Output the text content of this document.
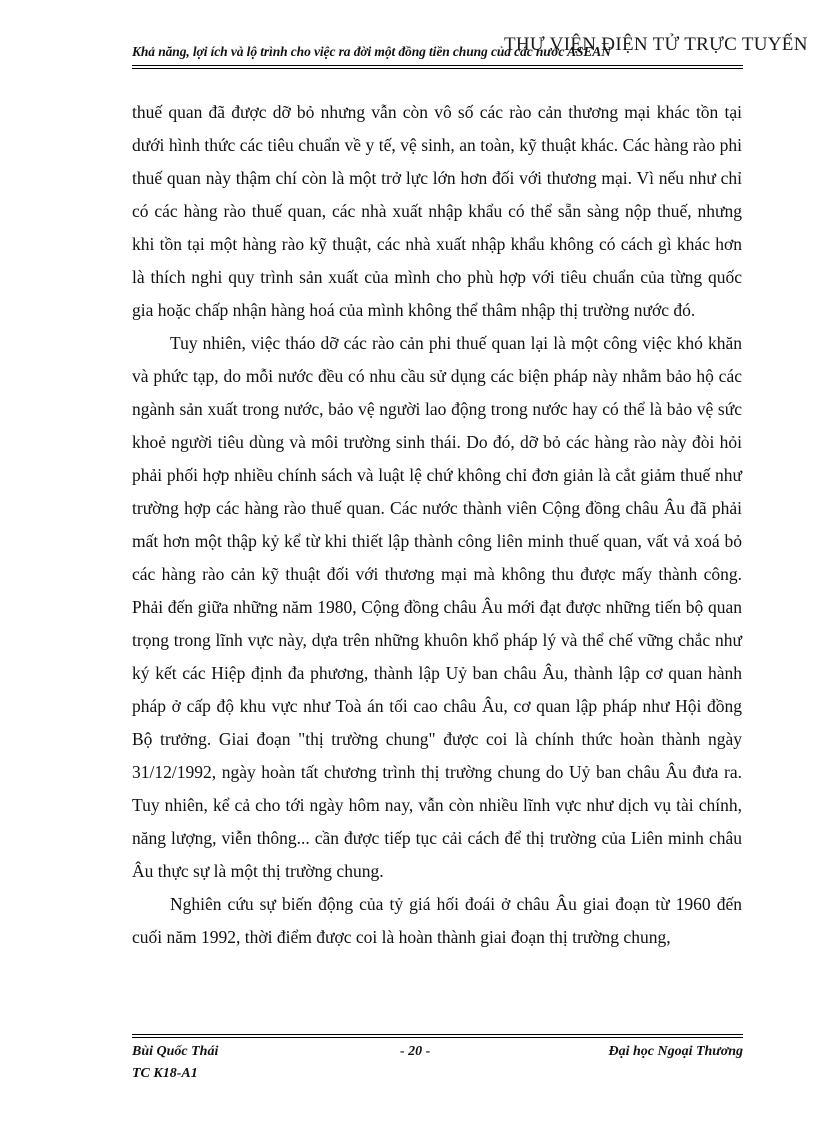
Khả năng, lợi ích và lộ trình cho việc ra đời một đồng tiền chung của các nước ASEAN
THƯ VIỆN ĐIỆN TỬ TRỰC TUYẾN

thuế quan đã được dỡ bỏ nhưng vẫn còn vô số các rào cản thương mại khác tồn tại dưới hình thức các tiêu chuẩn về y tế, vệ sinh, an toàn, kỹ thuật khác. Các hàng rào phi thuế quan này thậm chí còn là một trở lực lớn hơn đối với thương mại. Vì nếu như chỉ có các hàng rào thuế quan, các nhà xuất nhập khẩu có thể sẵn sàng nộp thuế, nhưng khi tồn tại một hàng rào kỹ thuật, các nhà xuất nhập khẩu không có cách gì khác hơn là thích nghi quy trình sản xuất của mình cho phù hợp với tiêu chuẩn của từng quốc gia hoặc chấp nhận hàng hoá của mình không thể thâm nhập thị trường nước đó.

Tuy nhiên, việc tháo dỡ các rào cản phi thuế quan lại là một công việc khó khăn và phức tạp, do mỗi nước đều có nhu cầu sử dụng các biện pháp này nhằm bảo hộ các ngành sản xuất trong nước, bảo vệ người lao động trong nước hay có thể là bảo vệ sức khoẻ người tiêu dùng và môi trường sinh thái. Do đó, dỡ bỏ các hàng rào này đòi hỏi phải phối hợp nhiều chính sách và luật lệ chứ không chỉ đơn giản là cắt giảm thuế như trường hợp các hàng rào thuế quan. Các nước thành viên Cộng đồng châu Âu đã phải mất hơn một thập kỷ kể từ khi thiết lập thành công liên minh thuế quan, vất vả xoá bỏ các hàng rào cản kỹ thuật đối với thương mại mà không thu được mấy thành công. Phải đến giữa những năm 1980, Cộng đồng châu Âu mới đạt được những tiến bộ quan trọng trong lĩnh vực này, dựa trên những khuôn khổ pháp lý và thể chế vững chắc như ký kết các Hiệp định đa phương, thành lập Uỷ ban châu Âu, thành lập cơ quan hành pháp ở cấp độ khu vực như Toà án tối cao châu Âu, cơ quan lập pháp như Hội đồng Bộ trưởng. Giai đoạn "thị trường chung" được coi là chính thức hoàn thành ngày 31/12/1992, ngày hoàn tất chương trình thị trường chung do Uỷ ban châu Âu đưa ra. Tuy nhiên, kể cả cho tới ngày hôm nay, vẫn còn nhiều lĩnh vực như dịch vụ tài chính, năng lượng, viễn thông... cần được tiếp tục cải cách để thị trường của Liên minh châu Âu thực sự là một thị trường chung.

Nghiên cứu sự biến động của tỷ giá hối đoái ở châu Âu giai đoạn từ 1960 đến cuối năm 1992, thời điểm được coi là hoàn thành giai đoạn thị trường chung,

Bùi Quốc Thái
TC K18-A1
- 20 -	Đại học Ngoại Thương
